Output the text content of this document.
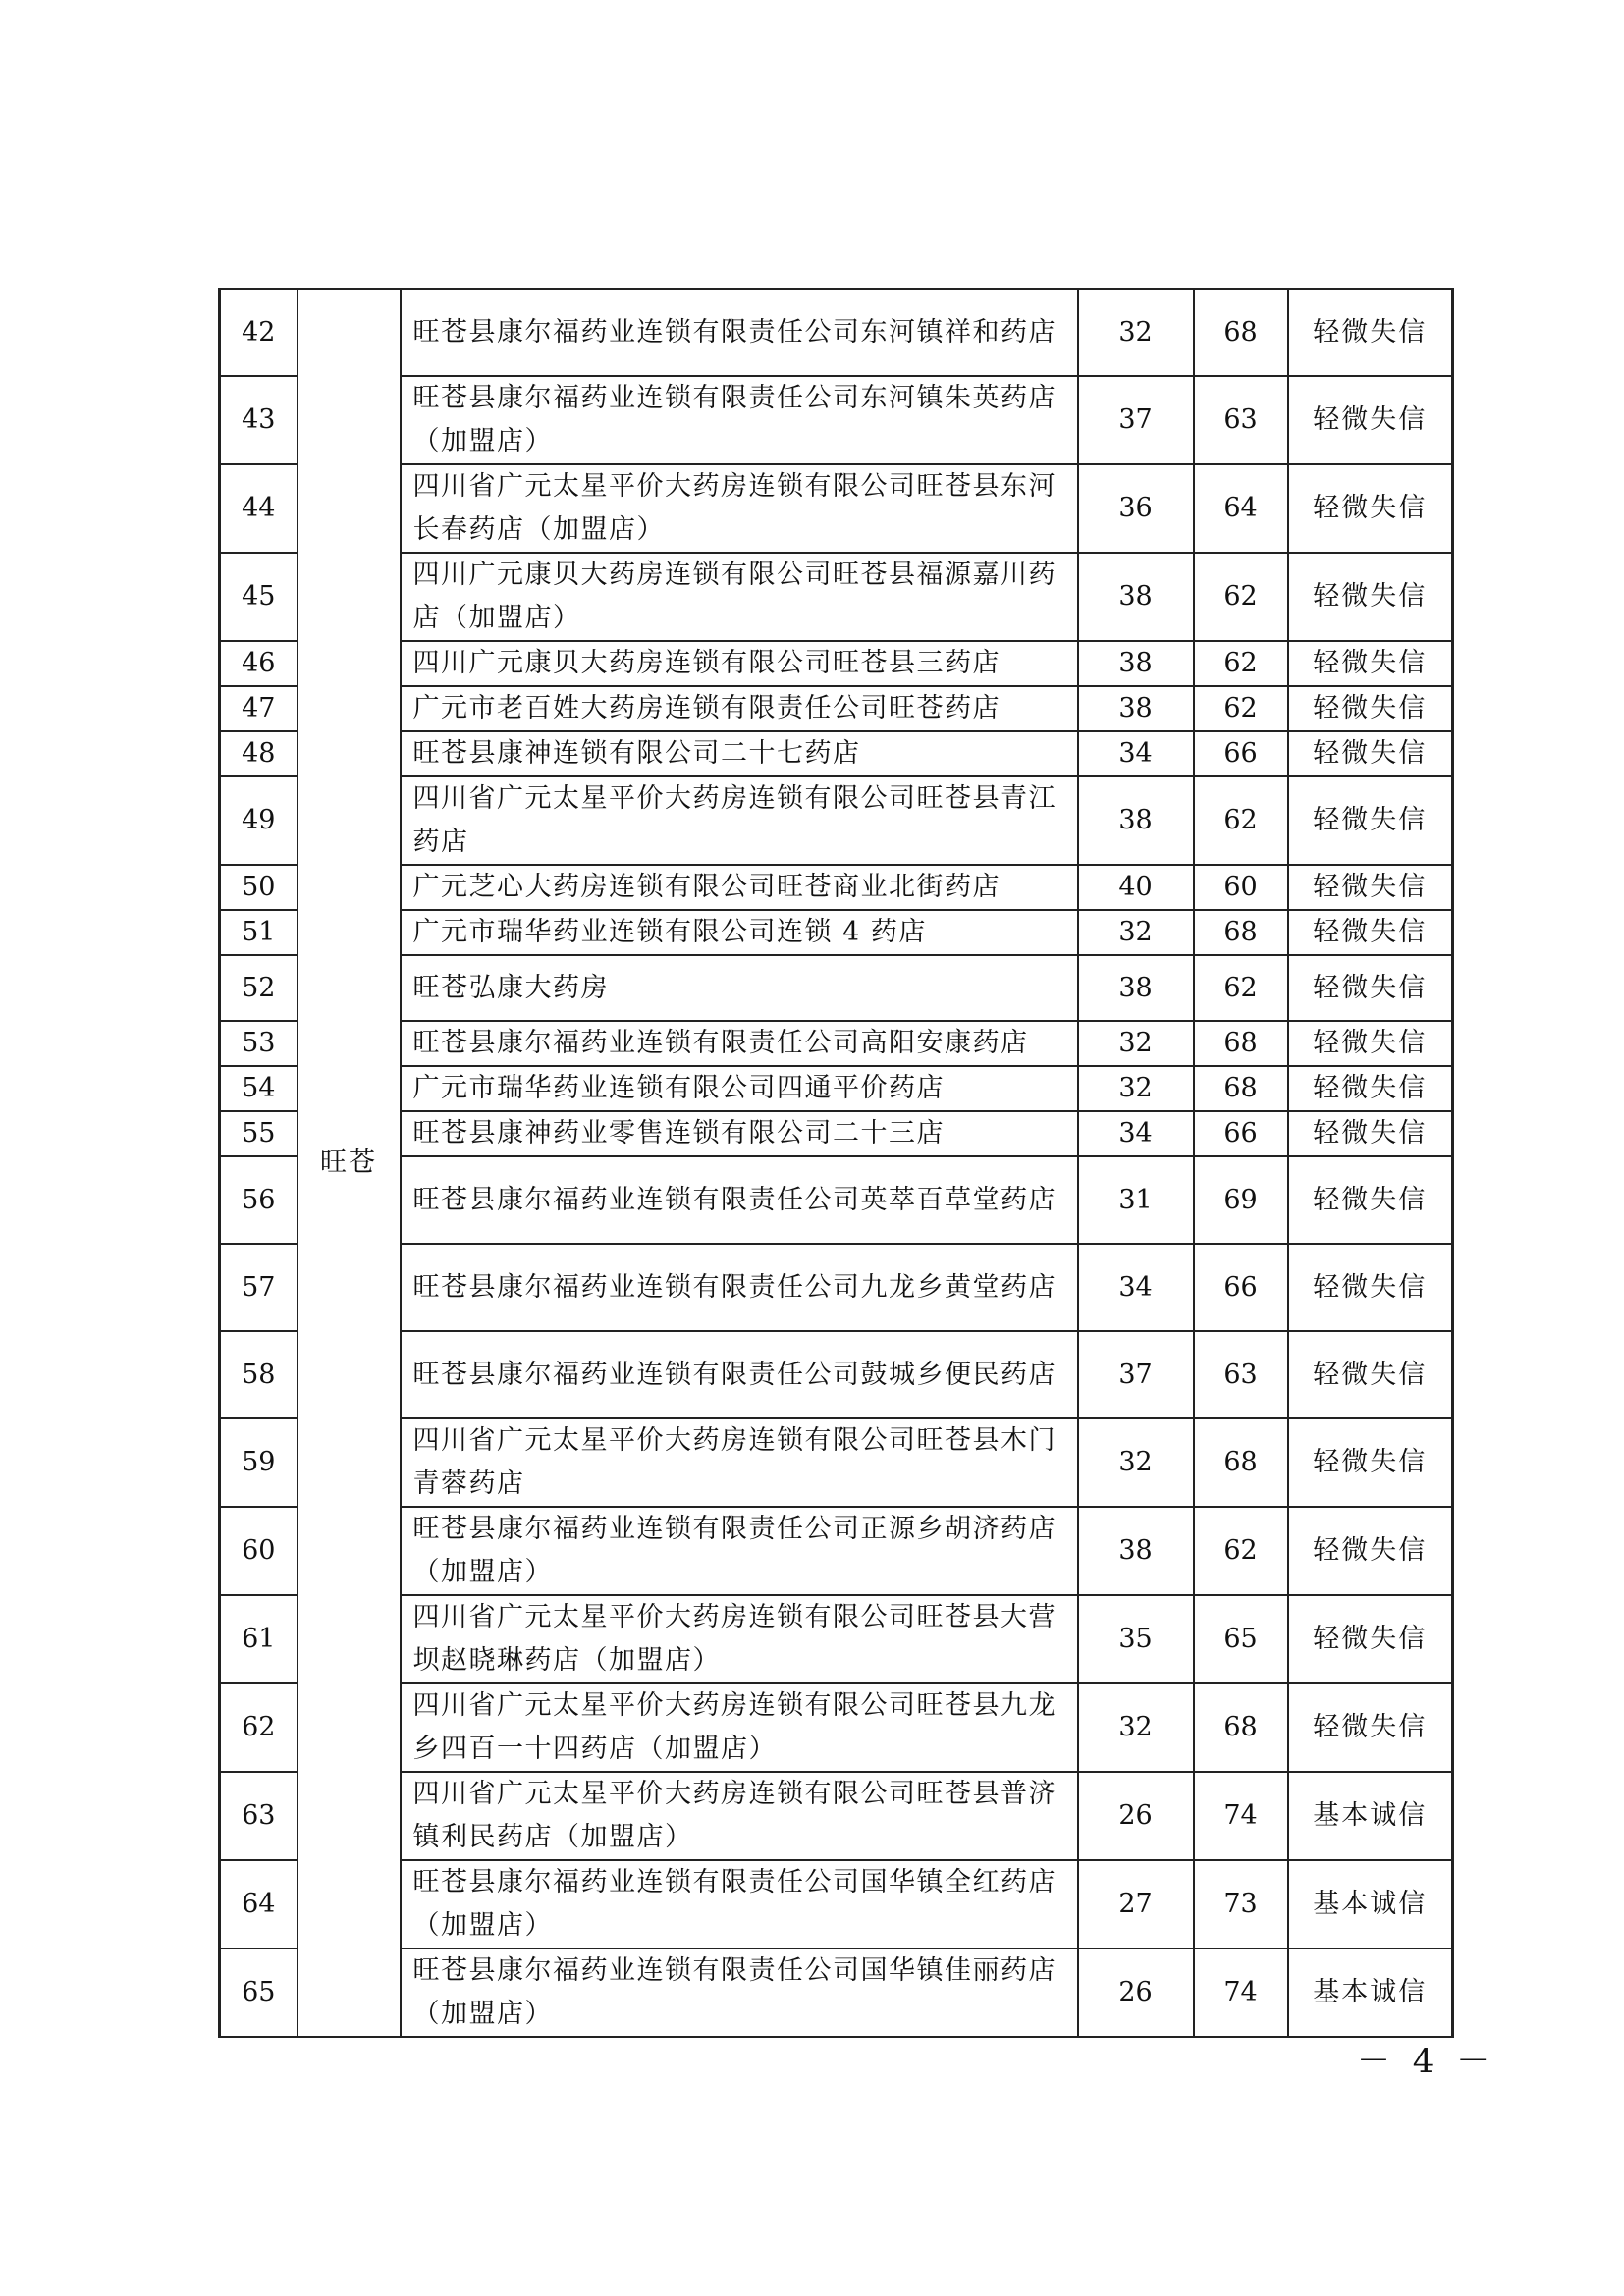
42	旺苍	旺苍县康尔福药业连锁有限责任公司东河镇祥和药店	32	68	轻微失信
43		旺苍县康尔福药业连锁有限责任公司东河镇朱英药店（加盟店）	37	63	轻微失信
44		四川省广元太星平价大药房连锁有限公司旺苍县东河长春药店（加盟店）	36	64	轻微失信
45		四川广元康贝大药房连锁有限公司旺苍县福源嘉川药店（加盟店）	38	62	轻微失信
46		四川广元康贝大药房连锁有限公司旺苍县三药店	38	62	轻微失信
47		广元市老百姓大药房连锁有限责任公司旺苍药店	38	62	轻微失信
48		旺苍县康神连锁有限公司二十七药店	34	66	轻微失信
49		四川省广元太星平价大药房连锁有限公司旺苍县青江药店	38	62	轻微失信
50		广元芝心大药房连锁有限公司旺苍商业北街药店	40	60	轻微失信
51		广元市瑞华药业连锁有限公司连锁 4 药店	32	68	轻微失信
52		旺苍弘康大药房	38	62	轻微失信
53		旺苍县康尔福药业连锁有限责任公司高阳安康药店	32	68	轻微失信
54		广元市瑞华药业连锁有限公司四通平价药店	32	68	轻微失信
55		旺苍县康神药业零售连锁有限公司二十三店	34	66	轻微失信
56		旺苍县康尔福药业连锁有限责任公司英萃百草堂药店	31	69	轻微失信
57		旺苍县康尔福药业连锁有限责任公司九龙乡黄堂药店	34	66	轻微失信
58		旺苍县康尔福药业连锁有限责任公司鼓城乡便民药店	37	63	轻微失信
59		四川省广元太星平价大药房连锁有限公司旺苍县木门青蓉药店	32	68	轻微失信
60		旺苍县康尔福药业连锁有限责任公司正源乡胡济药店（加盟店）	38	62	轻微失信
61		四川省广元太星平价大药房连锁有限公司旺苍县大营坝赵晓琳药店（加盟店）	35	65	轻微失信
62		四川省广元太星平价大药房连锁有限公司旺苍县九龙乡四百一十四药店（加盟店）	32	68	轻微失信
63		四川省广元太星平价大药房连锁有限公司旺苍县普济镇利民药店（加盟店）	26	74	基本诚信
64		旺苍县康尔福药业连锁有限责任公司国华镇全红药店（加盟店）	27	73	基本诚信
65		旺苍县康尔福药业连锁有限责任公司国华镇佳丽药店（加盟店）	26	74	基本诚信
－ 4 －
